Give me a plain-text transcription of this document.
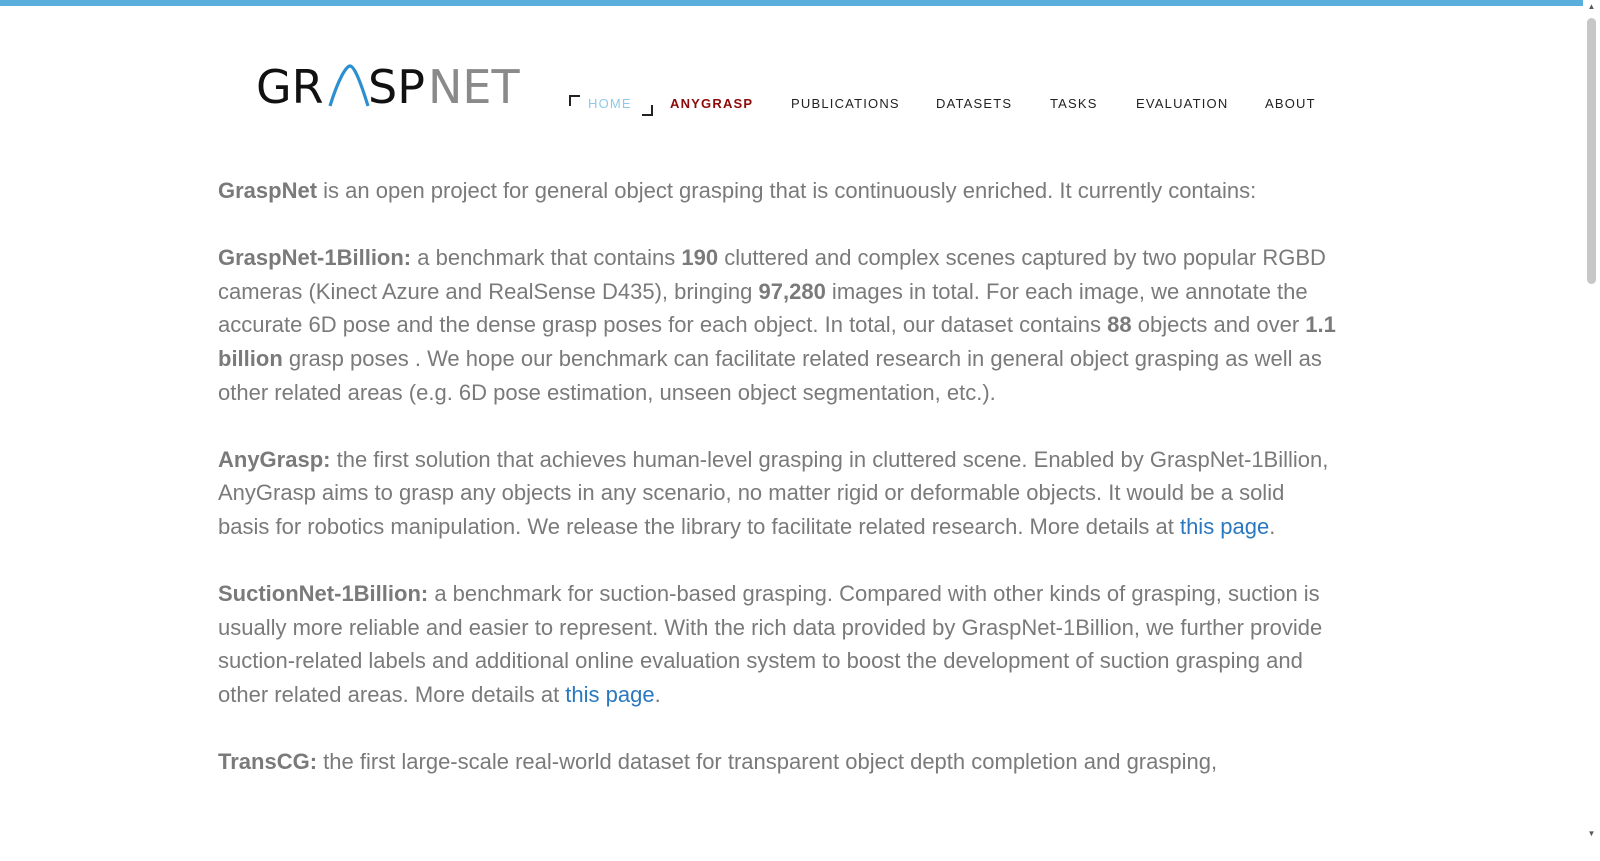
GR SP NET	HOME	ANYGRASP	PUBLICATIONS	DATASETS	TASKS	EVALUATION	ABOUT

GraspNet is an open project for general object grasping that is continuously enriched. It currently contains:

GraspNet-1Billion: a benchmark that contains 190 cluttered and complex scenes captured by two popular RGBD cameras (Kinect Azure and RealSense D435), bringing 97,280 images in total. For each image, we annotate the accurate 6D pose and the dense grasp poses for each object. In total, our dataset contains 88 objects and over 1.1 billion grasp poses . We hope our benchmark can facilitate related research in general object grasping as well as other related areas (e.g. 6D pose estimation, unseen object segmentation, etc.).

AnyGrasp: the first solution that achieves human-level grasping in cluttered scene. Enabled by GraspNet-1Billion, AnyGrasp aims to grasp any objects in any scenario, no matter rigid or deformable objects. It would be a solid basis for robotics manipulation. We release the library to facilitate related research. More details at this page.

SuctionNet-1Billion: a benchmark for suction-based grasping. Compared with other kinds of grasping, suction is usually more reliable and easier to represent. With the rich data provided by GraspNet-1Billion, we further provide suction-related labels and additional online evaluation system to boost the development of suction grasping and other related areas. More details at this page.

TransCG: the first large-scale real-world dataset for transparent object depth completion and grasping,

▲
▼
